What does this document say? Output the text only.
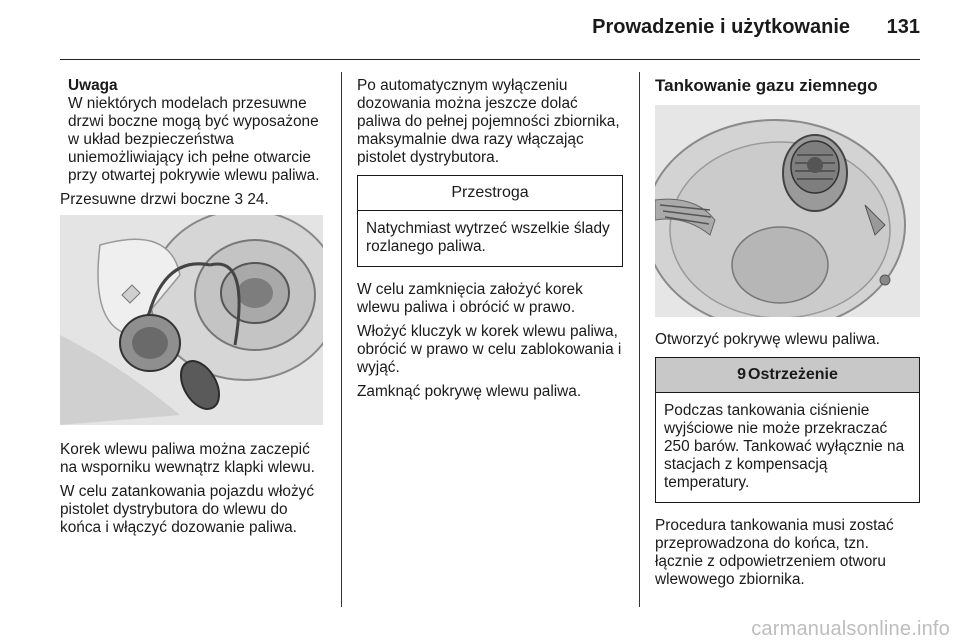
Prowadzenie i użytkowanie	131
Uwaga
W niektórych modelach przesuwne drzwi boczne mogą być wyposażone w układ bezpieczeństwa uniemożliwiający ich pełne otwarcie przy otwartej pokrywie wlewu paliwa.

Przesuwne drzwi boczne 3 24.

Korek wlewu paliwa można zaczepić na wsporniku wewnątrz klapki wlewu.

W celu zatankowania pojazdu włożyć pistolet dystrybutora do wlewu do końca i włączyć dozowanie paliwa.

Po automatycznym wyłączeniu dozowania można jeszcze dolać paliwa do pełnej pojemności zbiornika, maksymalnie dwa razy włączając pistolet dystrybutora.

Przestroga
Natychmiast wytrzeć wszelkie ślady rozlanego paliwa.

W celu zamknięcia założyć korek wlewu paliwa i obrócić w prawo.

Włożyć kluczyk w korek wlewu paliwa, obrócić w prawo w celu zablokowania i wyjąć.

Zamknąć pokrywę wlewu paliwa.

Tankowanie gazu ziemnego

Otworzyć pokrywę wlewu paliwa.

9 Ostrzeżenie
Podczas tankowania ciśnienie wyjściowe nie może przekraczać 250 barów. Tankować wyłącznie na stacjach z kompensacją temperatury.

Procedura tankowania musi zostać przeprowadzona do końca, tzn. łącznie z odpowietrzeniem otworu wlewowego zbiornika.

carmanualsonline.info
